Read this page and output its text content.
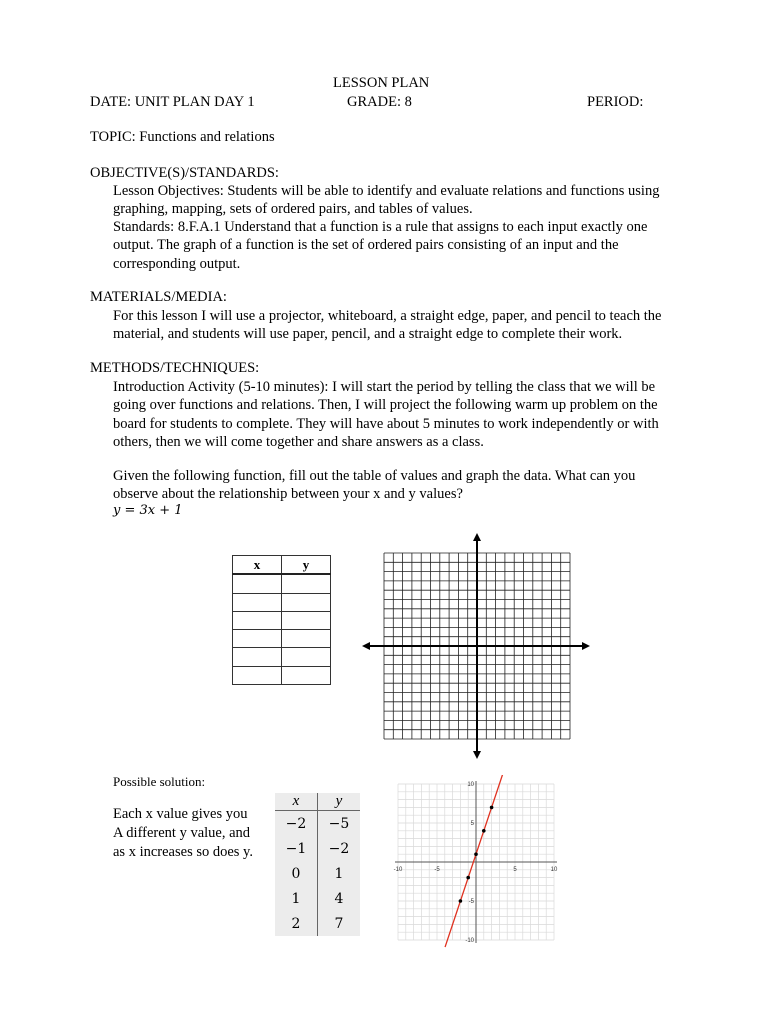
LESSON PLAN
DATE: UNIT PLAN DAY 1	GRADE: 8	PERIOD:
TOPIC: Functions and relations
OBJECTIVE(S)/STANDARDS:

Lesson Objectives: Students will be able to identify and evaluate relations and functions using graphing, mapping, sets of ordered pairs, and tables of values.

Standards: 8.F.A.1 Understand that a function is a rule that assigns to each input exactly one output. The graph of a function is the set of ordered pairs consisting of an input and the corresponding output.

MATERIALS/MEDIA:

For this lesson I will use a projector, whiteboard, a straight edge, paper, and pencil to teach the material, and students will use paper, pencil, and a straight edge to complete their work.

METHODS/TECHNIQUES:

Introduction Activity (5-10 minutes): I will start the period by telling the class that we will be going over functions and relations. Then, I will project the following warm up problem on the board for students to complete. They will have about 5 minutes to work independently or with others, then we will come together and share answers as a class.

Given the following function, fill out the table of values and graph the data. What can you observe about the relationship between your x and y values?

y = 3x + 1
x	y

Possible solution:
Each x value gives you
A different y value, and
as x increases so does y.
x	y
−2	−5
−1	−2
0	1
1	4
2	7
-10	-5	5	10
10
5
-5
-10
